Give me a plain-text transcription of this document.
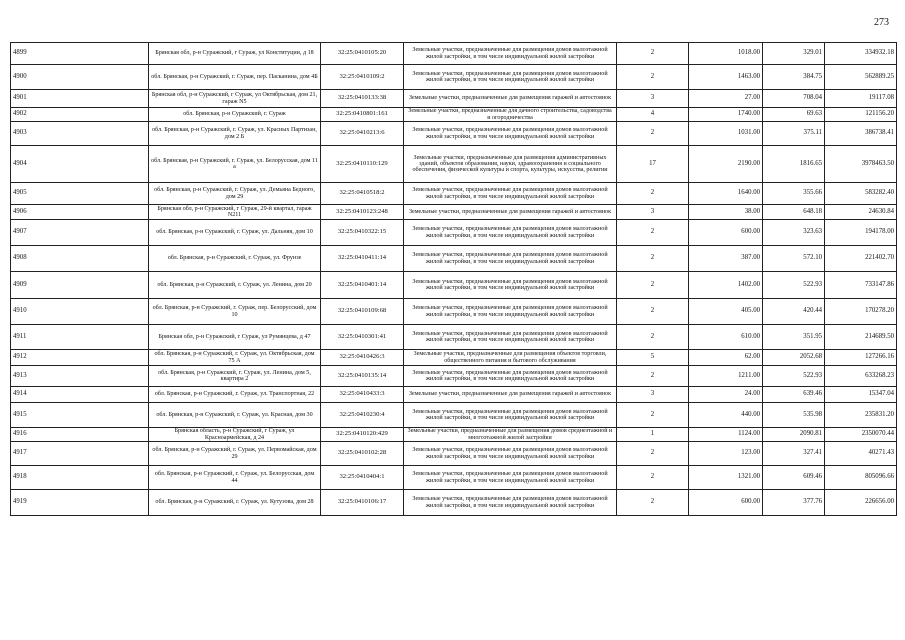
273
4899	Брянская обл, р-н Суражский, г Сураж, ул Конституции, д 18	32:25:0410105:20	Земельные участки, предназначенные для размещения домов малоэтажной жилой застройки, в том числе индивидуальной жилой застройки	2	1018.00	329.01	334932.18
4900	обл. Брянская, р-н Суражский, г. Сураж, пер. Пасканина, дом 4Б	32:25:0410109:2	Земельные участки, предназначенные для размещения домов малоэтажной жилой застройки, в том числе индивидуальной жилой застройки	2	1463.00	384.75	562889.25
4901	Брянская обл, р-н Суражский, г Сураж, ул Октябрьская, дом 21, гараж N5	32:25:0410133:38	Земельные участки, предназначенные для размещения гаражей и автостоянок	3	27.00	708.04	19117.08
4902	обл. Брянская, р-н Суражский, г. Сураж	32:25:0410801:161	Земельные участки, предназначенные для дачного строительства, садоводства и огородничества	4	1740.00	69.63	121156.20
4903	обл. Брянская, р-н Суражский, г. Сураж, ул. Красных Партизан, дом 2 Б	32:25:0410213:6	Земельные участки, предназначенные для размещения домов малоэтажной жилой застройки, в том числе индивидуальной жилой застройки	2	1031.00	375.11	386738.41
4904	обл. Брянская, р-н Суражский, г. Сураж, ул. Белорусская, дом 11 а	32:25:0410110:129	Земельные участки, предназначенные для размещения административных зданий, объектов образования, науки, здравоохранения и социального обеспечения, физической культуры и спорта, культуры, искусства, религии	17	2190.00	1816.65	3978463.50
4905	обл. Брянская, р-н Суражский, г. Сураж, ул. Демьяна Бедного, дом 29	32:25:0410518:2	Земельные участки, предназначенные для размещения домов малоэтажной жилой застройки, в том числе индивидуальной жилой застройки	2	1640.00	355.66	583282.40
4906	Брянская обл, р-н Суражский, г Сураж, 29-й квартал, гараж N211	32:25:0410123:248	Земельные участки, предназначенные для размещения гаражей и автостоянок	3	38.00	648.18	24630.84
4907	обл. Брянская, р-н Суражский, г. Сураж, ул. Дальняя, дом 10	32:25:0410322:15	Земельные участки, предназначенные для размещения домов малоэтажной жилой застройки, в том числе индивидуальной жилой застройки	2	600.00	323.63	194178.00
4908	обл. Брянская, р-н Суражский, г. Сураж, ул. Фрунзе	32:25:0410411:14	Земельные участки, предназначенные для размещения домов малоэтажной жилой застройки, в том числе индивидуальной жилой застройки	2	387.00	572.10	221402.70
4909	обл. Брянская, р-н Суражский, г. Сураж, ул. Ленина, дом 20	32:25:0410401:14	Земельные участки, предназначенные для размещения домов малоэтажной жилой застройки, в том числе индивидуальной жилой застройки	2	1402.00	522.93	733147.86
4910	обл. Брянская, р-н Суражский, г. Сураж, пер. Белорусский, дом 10	32:25:0410109:68	Земельные участки, предназначенные для размещения домов малоэтажной жилой застройки, в том числе индивидуальной жилой застройки	2	405.00	420.44	170278.20
4911	Брянская обл, р-н Суражский, г Сураж, ул Румянцева, д 47	32:25:0410301:41	Земельные участки, предназначенные для размещения домов малоэтажной жилой застройки, в том числе индивидуальной жилой застройки	2	610.00	351.95	214689.50
4912	обл. Брянская, р-н Суражский, г. Сураж, ул. Октябрьская, дом 75 А	32:25:0410426:3	Земельные участки, предназначенные для размещения объектов торговли, общественного питания и бытового обслуживания	5	62.00	2052.68	127266.16
4913	обл. Брянская, р-н Суражский, г. Сураж, ул. Ленина, дом 5, квартира 2	32:25:0410135:14	Земельные участки, предназначенные для размещения домов малоэтажной жилой застройки, в том числе индивидуальной жилой застройки	2	1211.00	522.93	633268.23
4914	обл. Брянская, р-н Суражский, г. Сураж, ул. Транспортная, 22	32:25:0410433:3	Земельные участки, предназначенные для размещения гаражей и автостоянок	3	24.00	639.46	15347.04
4915	обл. Брянская, р-н Суражский, г. Сураж, ул. Красная, дом 30	32:25:0410230:4	Земельные участки, предназначенные для размещения домов малоэтажной жилой застройки, в том числе индивидуальной жилой застройки	2	440.00	535.98	235831.20
4916	Брянская область, р-н Суражский, г Сураж, ул Красноармейская, д 24	32:25:0410120:429	Земельные участки, предназначенные для размещения домов среднеэтажной и многоэтажной жилой застройки	1	1124.00	2090.81	2350070.44
4917	обл. Брянская, р-н Суражский, г. Сураж, ул. Первомайская, дом 29	32:25:0410102:28	Земельные участки, предназначенные для размещения домов малоэтажной жилой застройки, в том числе индивидуальной жилой застройки	2	123.00	327.41	40271.43
4918	обл. Брянская, р-н Суражский, г. Сураж, ул. Белорусская, дом 44	32:25:0410404:1	Земельные участки, предназначенные для размещения домов малоэтажной жилой застройки, в том числе индивидуальной жилой застройки	2	1321.00	609.46	805096.66
4919	обл. Брянская, р-н Суражский, г. Сураж, ул. Кутузова, дом 28	32:25:0410106:17	Земельные участки, предназначенные для размещения домов малоэтажной жилой застройки, в том числе индивидуальной жилой застройки	2	600.00	377.76	226656.00
